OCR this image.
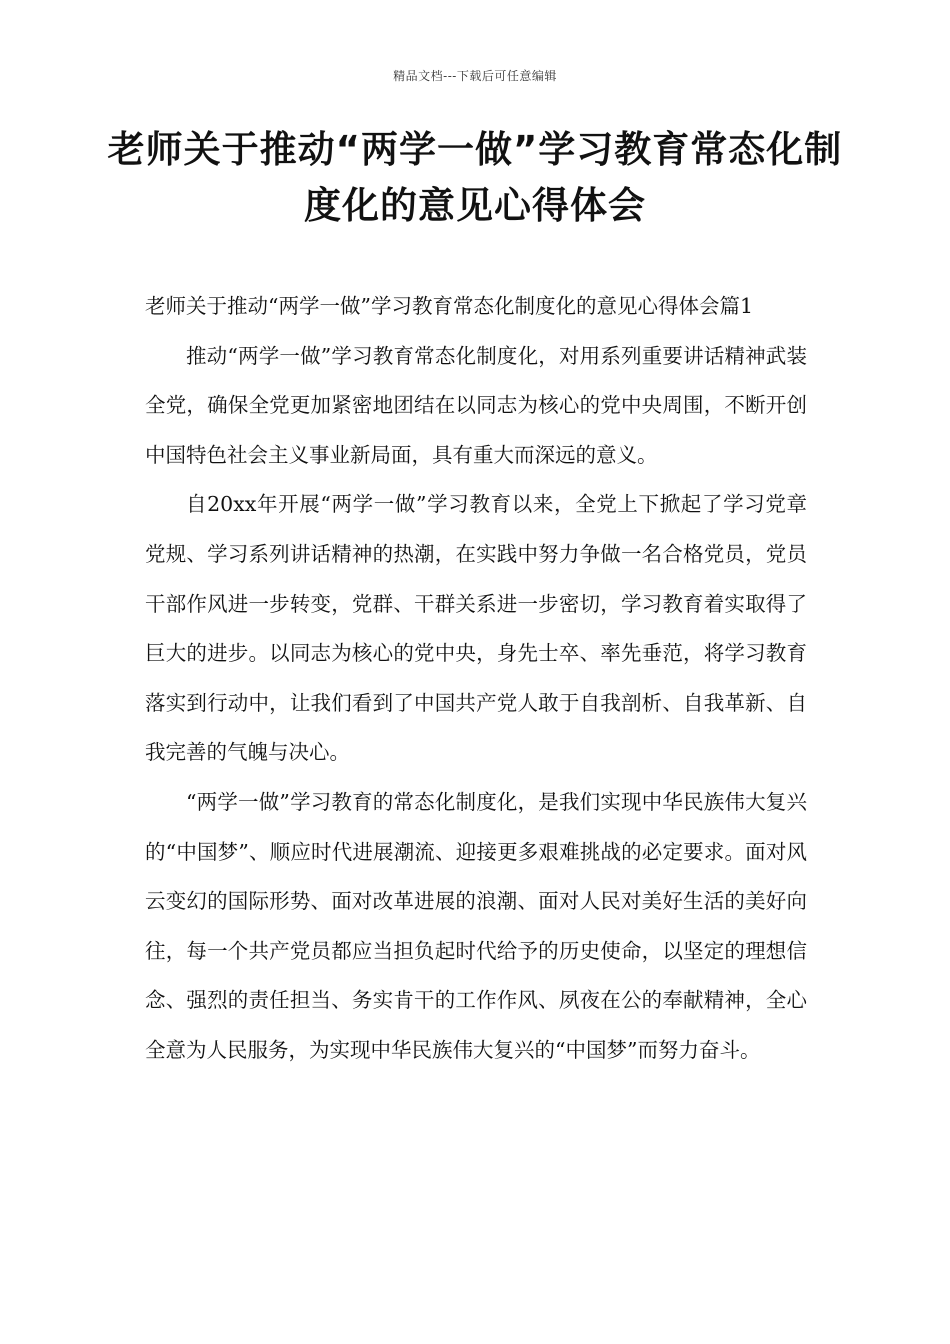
精品文档---下载后可任意编辑
老师关于推动“两学一做”学习教育常态化制度化的意见心得体会

老师关于推动“两学一做”学习教育常态化制度化的意见心得体会篇1

推动“两学一做”学习教育常态化制度化，对用系列重要讲话精神武装全党，确保全党更加紧密地团结在以同志为核心的党中央周围，不断开创中国特色社会主义事业新局面，具有重大而深远的意义。

自20xx年开展“两学一做”学习教育以来，全党上下掀起了学习党章党规、学习系列讲话精神的热潮，在实践中努力争做一名合格党员，党员干部作风进一步转变，党群、干群关系进一步密切，学习教育着实取得了巨大的进步。以同志为核心的党中央，身先士卒、率先垂范，将学习教育落实到行动中，让我们看到了中国共产党人敢于自我剖析、自我革新、自我完善的气魄与决心。

“两学一做”学习教育的常态化制度化，是我们实现中华民族伟大复兴的“中国梦”、顺应时代进展潮流、迎接更多艰难挑战的必定要求。面对风云变幻的国际形势、面对改革进展的浪潮、面对人民对美好生活的美好向往，每一个共产党员都应当担负起时代给予的历史使命，以坚定的理想信念、强烈的责任担当、务实肯干的工作作风、夙夜在公的奉献精神，全心全意为人民服务，为实现中华民族伟大复兴的“中国梦”而努力奋斗。
